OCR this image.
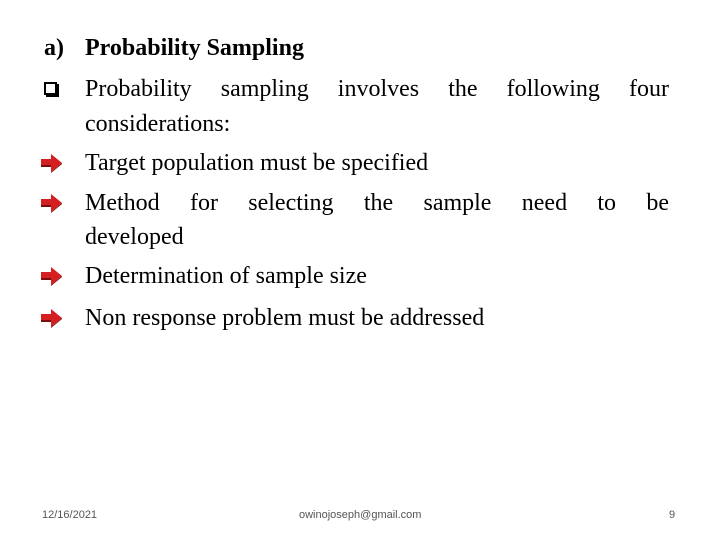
a) Probability Sampling
Probability sampling involves the following four
considerations:
Target population must be specified
Method for selecting the sample need to be
developed
Determination of sample size
Non response problem must be addressed
12/16/2021	owinojoseph@gmail.com	9
